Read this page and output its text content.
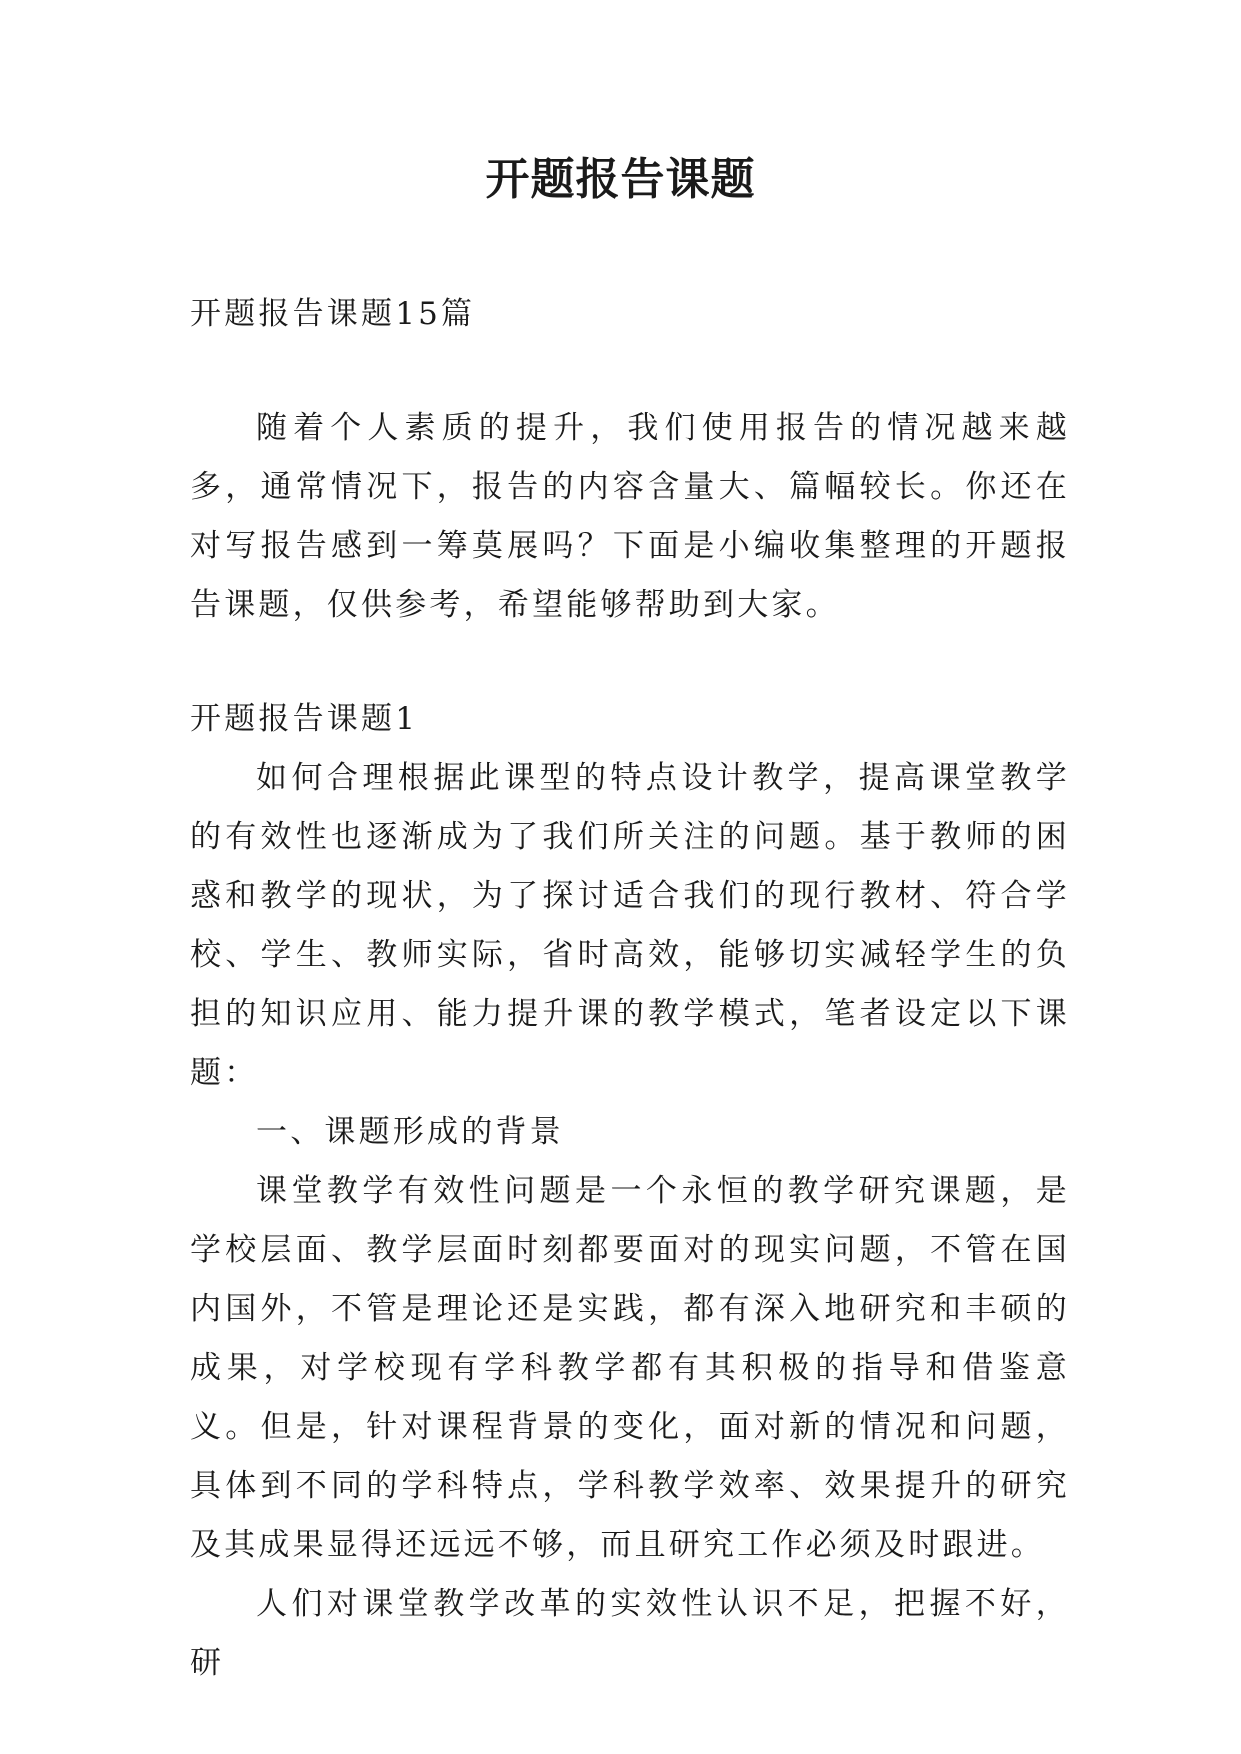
开题报告课题

开题报告课题15篇

随着个人素质的提升，我们使用报告的情况越来越多，通常情况下，报告的内容含量大、篇幅较长。你还在对写报告感到一筹莫展吗？下面是小编收集整理的开题报告课题，仅供参考，希望能够帮助到大家。

开题报告课题1

如何合理根据此课型的特点设计教学，提高课堂教学的有效性也逐渐成为了我们所关注的问题。基于教师的困惑和教学的现状，为了探讨适合我们的现行教材、符合学校、学生、教师实际，省时高效，能够切实减轻学生的负担的知识应用、能力提升课的教学模式，笔者设定以下课题：

一、课题形成的背景

课堂教学有效性问题是一个永恒的教学研究课题，是学校层面、教学层面时刻都要面对的现实问题，不管在国内国外，不管是理论还是实践，都有深入地研究和丰硕的成果，对学校现有学科教学都有其积极的指导和借鉴意义。但是，针对课程背景的变化，面对新的情况和问题，具体到不同的学科特点，学科教学效率、效果提升的研究及其成果显得还远远不够，而且研究工作必须及时跟进。

人们对课堂教学改革的实效性认识不足，把握不好，研
